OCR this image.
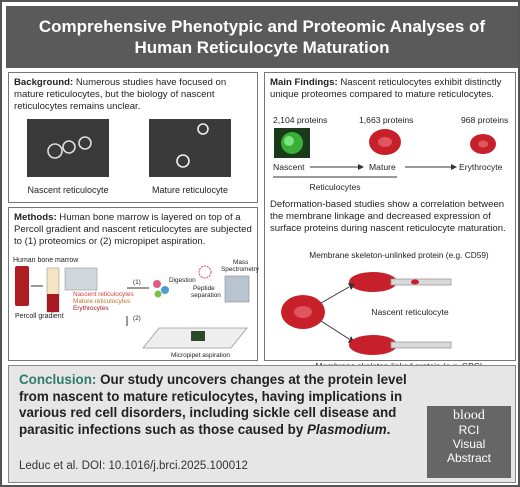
Comprehensive Phenotypic and Proteomic Analyses of Human Reticulocyte Maturation
Background: Numerous studies have focused on mature reticulocytes, but the biology of nascent reticulocytes remains unclear.
Nascent reticulocyte	Mature reticulocyte
Main Findings: Nascent reticulocytes exhibit distinctly unique proteomes compared to mature reticulocytes.
2,104 proteins	1,663 proteins	968 proteins
Nascent	Mature	Erythrocyte
Reticulocytes
Deformation-based studies show a correlation between the membrane linkage and decreased expression of surface proteins during nascent reticulocyte maturation.
Membrane skeleton-unlinked protein (e.g. CD59)
Nascent reticulocyte
Methods: Human bone marrow is layered on top of a Percoll gradient and nascent reticulocytes are subjected to (1) proteomics or (2) micropipet aspiration.
Human bone marrow
Percoll gradient
Nascent reticulocytes
Mature reticulocytes
Erythrocytes
(1)
(2)
Digestion
Peptide
separation
Mass
Spectrometry
Micropipet aspiration
Conclusion: Our study uncovers changes at the protein level from nascent to mature reticulocytes, having implications in various red cell disorders, including sickle cell disease and parasitic infections such as those caused by Plasmodium.
Leduc et al. DOI: 10.1016/j.brci.2025.100012
blood
RCI
Visual
Abstract
